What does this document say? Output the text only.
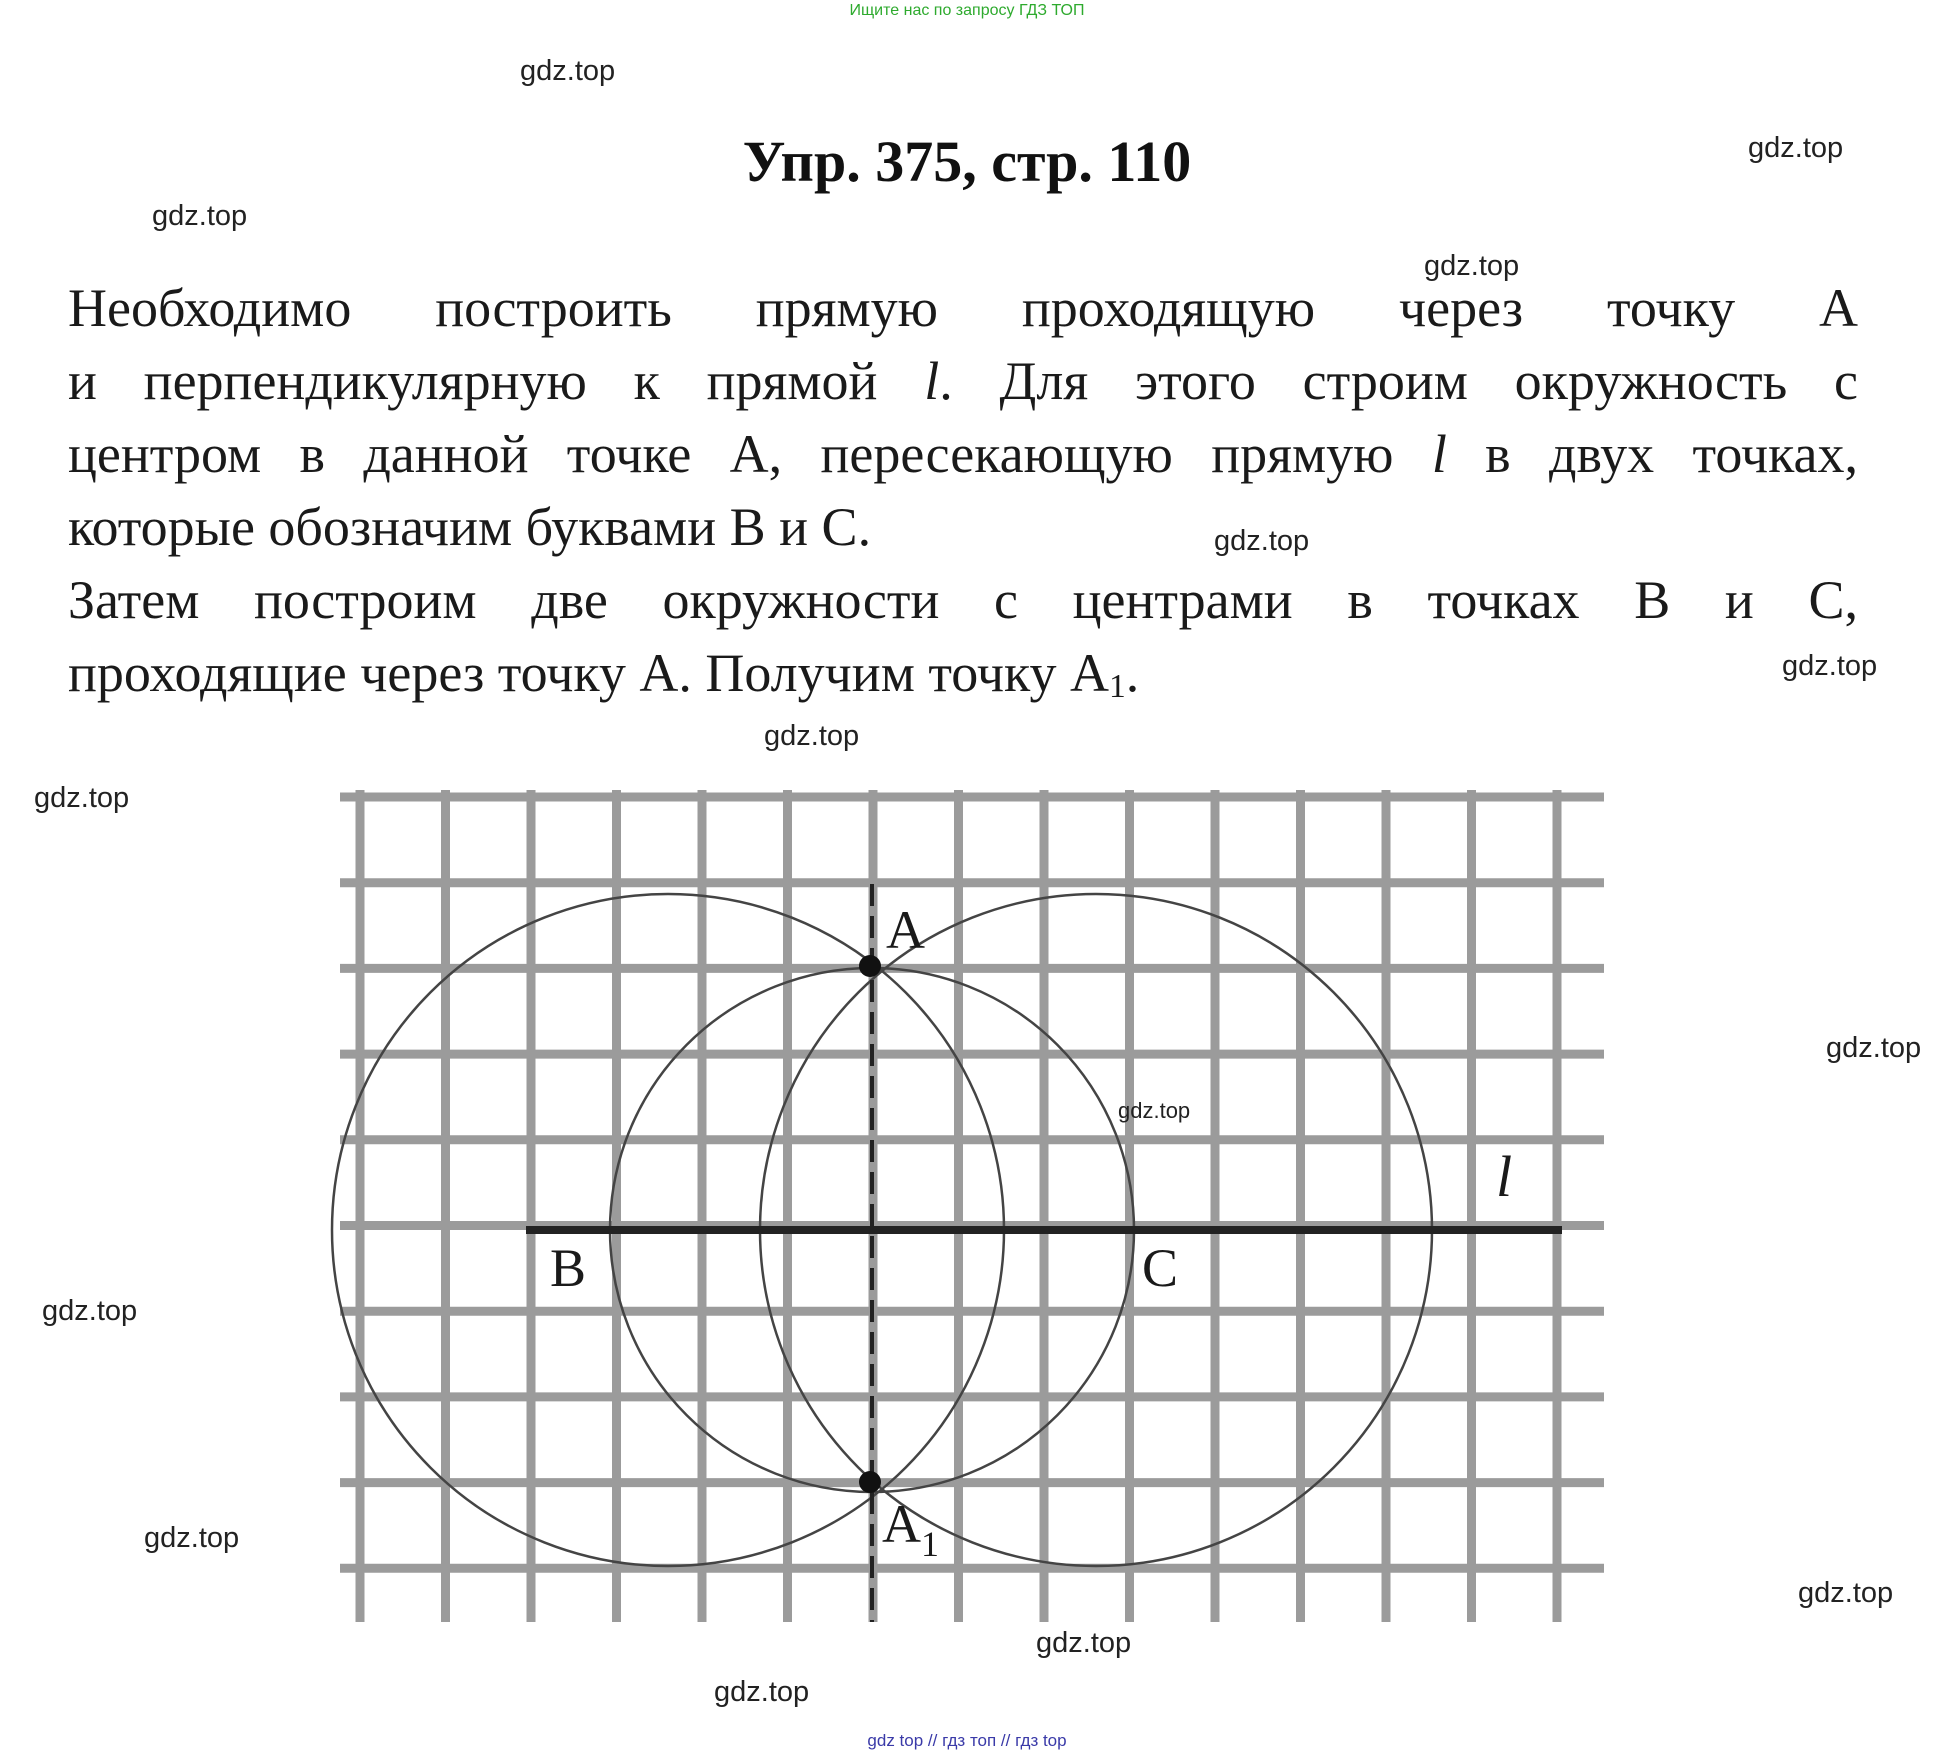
Ищите нас по запросу ГДЗ ТОП
Упр. 375, стр. 110
Необходимо построить прямую проходящую через точку А
и перпендикулярную к прямой l. Для этого строим окружность с
центром в данной точке А, пересекающую прямую l в двух точках,
которые обозначим буквами В и С.
Затем построим две окружности с центрами в точках В и С,
проходящие через точку А. Получим точку А1.
A
$A_1$
B	C
l
gdz.top
gdz.top
gdz.top
gdz.top
gdz.top
gdz.top
gdz.top
gdz.top
gdz.top
gdz.top
gdz.top
gdz.top
gdz.top
gdz.top
gdz.top
gdz top // гдз топ // гдз top
